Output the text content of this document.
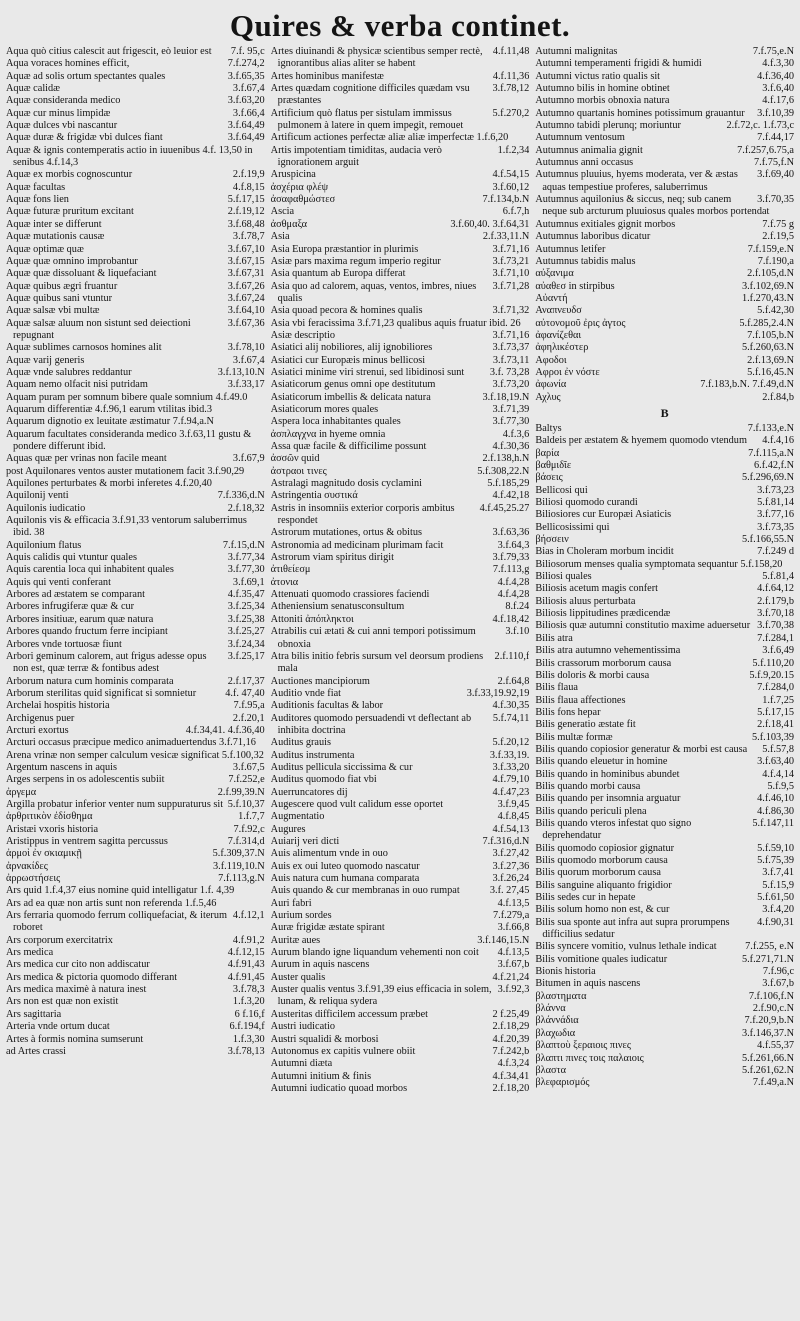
Quires & verba continet.

7.f. 95,c
Aqua quò citius calescit aut frigescit, eò leuior est

7.f.274,2
Aqua voraces homines efficit,

3.f.65,35
Aquæ ad solis ortum spectantes quales

3.f.67,4
Aquæ calidæ

3.f.63,20
Aquæ consideranda medico

3.f.66,4
Aquæ cur minus limpidæ

3.f.64,49
Aquæ dulces vbi nascantur

3.f.64,49
Aquæ duræ & frigidæ vbi dulces fiant

Aquæ & ignis contemperatis actio in iuuenibus 4.f. 13,50 in senibus 4.f.14,3

2.f.19,9
Aquæ ex morbis cognoscuntur

4.f.8,15
Aquæ facultas

5.f.17,15
Aquæ fons lien

2.f.19,12
Aquæ futuræ pruritum excitant

3.f.68,48
Aquæ inter se differunt

3.f.78,7
Aquæ mutationis causæ

3.f.67,10
Aquæ optimæ quæ

3.f.67,15
Aquæ quæ omnino improbantur

3.f.67,31
Aquæ quæ dissoluant & liquefaciant

3.f.67,26
Aquæ quibus ægri fruantur

3.f.67,24
Aquæ quibus sani vtuntur

3.f.64,10
Aquæ salsæ vbi multæ

3.f.67,36
Aquæ salsæ aluum non sistunt sed deiectioni repugnant

3.f.78,10
Aquæ sublimes carnosos homines alit

3.f.67,4
Aquæ varij generis

3.f.13,10.N
Aquæ vnde salubres reddantur

3.f.33,17
Aquam nemo olfacit nisi putridam

Aquam puram per somnum bibere quale somnium 4.f.49.0

Aquarum differentiæ 4.f.96,1 earum vtilitas ibid.3

Aquarum dignotio ex leuitate æstimatur 7.f.94,a.N

Aquarum facultates consideranda medico 3.f.63,11 gustu & pondere differunt ibid.

3.f.67,9
Aquas quæ per vrinas non facile meant

post Aquilonares ventos auster mutationem facit 3.f.90,29

Aquilones perturbates & morbi inferetes 4.f.20,40

7.f.336,d.N
Aquilonij venti

2.f.18,32
Aquilonis iudicatio

Aquilonis vis & efficacia 3.f.91,33 ventorum saluberrimus ibid. 38

7.f.15,d.N
Aquilonium flatus

3.f.77,34
Aquis calidis qui vtuntur quales

3.f.77,30
Aquis carentia loca qui inhabitent quales

3.f.69,1
Aquis qui venti conferant

4.f.35,47
Arbores ad æstatem se comparant

3.f.25,34
Arbores infrugiferæ quæ & cur

3.f.25,38
Arbores insitiuæ, earum quæ natura

3.f.25,27
Arbores quando fructum ferre incipiant

3.f.24,34
Arbores vnde tortuosæ fiunt

3.f.25,17
Arbori geminum calorem, aut frigus adesse opus non est, quæ terræ & fontibus adest

2.f.17,37
Arborum natura cum hominis comparata

4.f. 47,40
Arborum sterilitas quid significat si somnietur

7.f.95,a
Archelai hospitis historia

2.f.20,1
Archigenus puer

4.f.34,41. 4.f.36,40
Arcturi exortus

Arcturi occasus præcipue medico animaduertendus 3.f.71,16

Arena vrinæ non semper calculum vesicæ significat 5.f.100,32

3.f.67,5
Argentum nascens in aquis

7.f.252,e
Arges serpens in os adolescentis subiit

2.f.99,39.N
ἀργεμα

5.f.10,37
Argilla probatur inferior venter num suppuraturus sit

1.f.7,7
ἀρθριτικὸν ἐδίσθημα

7.f.92,c
Aristæi vxoris historia

7.f.314,d
Aristippus in ventrem sagitta percussus

5.f.309,37.N
ἀρμοὶ ἐν σκιαμικῇ

3.f.119,10.N
ἀρνακίδες

7.f.113,g.N
ἀρρωστήσεις

Ars quid 1.f.4,37 eius nomine quid intelligatur 1.f. 4,39

Ars ad ea quæ non artis sunt non referenda 1.f.5,46

4.f.12,1
Ars ferraria quomodo ferrum colliquefaciat, & iterum roboret

4.f.91,2
Ars corporum exercitatrix

4.f.12,15
Ars medica

4.f.91,43
Ars medica cur cito non addiscatur

4.f.91,45
Ars medica & pictoria quomodo differant

3.f.78,3
Ars medica maximè à natura inest

1.f.3,20
Ars non est quæ non existit

6 f.16,f
Ars sagittaria

6.f.194,f
Arteria vnde ortum ducat

1.f.3,30
Artes à formis nomina sumserunt

3.f.78,13
ad Artes crassi

4.f.11,48
Artes diuinandi & physicæ scientibus semper rectè, ignorantibus alias aliter se habent

4.f.11,36
Artes hominibus manifestæ

3.f.78,12
Artes quædam cognitione difficiles quædam vsu præstantes

5.f.270,2
Artificium quò flatus per sistulam immissus pulmonem à latere in quem impegit, remouet

Artificum actiones perfectæ aliæ aliæ imperfectæ 1.f.6,20

1.f.2,34
Artis impotentiam timiditas, audacia verò ignorationem arguit

4.f.54,15
Aruspicina

3.f.60,12
ἀσχέρια φλέψ

7.f.134,b.N
ἀσαφαθμώστεσ

6.f.7,h
Ascia

3.f.60,40. 3.f.64,31
ἀσθμαξα

2.f.33,11.N
Asia

3.f.71,16
Asia Europa præstantior in plurimis

3.f.73,21
Asiæ pars maxima regum imperio regitur

3.f.71,10
Asia quantum ab Europa differat

3.f.71,28
Asia quo ad calorem, aquas, ventos, imbres, niues qualis

3.f.71,32
Asia quoad pecora & homines qualis

Asia vbi feracissima 3.f.71,23 qualibus aquis fruatur ibid. 26

3.f.71,16
Asiæ descriptio

3.f.73,37
Asiatici alij nobiliores, alij ignobiliores

3.f.73,11
Asiatici cur Europæis minus bellicosi

3.f. 73,28
Asiatici minime viri strenui, sed libidinosi sunt

3.f.73,20
Asiaticorum genus omni ope destitutum

3.f.18,19.N
Asiaticorum imbellis & delicata natura

3.f.71,39
Asiaticorum mores quales

3.f.77,30
Aspera loca inhabitantes quales

4.f.3,6
ἀσπλαγχνα in hyeme omnia

4.f.30,36
Assa quæ facile & difficilime possunt

2.f.138,h.N
ἀσσῶν quid

5.f.308,22.N
ἀστραοι τινες

5.f.185,29
Astralagi magnitudo dosis cyclamini

4.f.42,18
Astringentia συστικά

4.f.45,25.27
Astris in insomniis exterior corporis ambitus respondet

3.f.63,36
Astrorum mutationes, ortus & obitus

3.f.64,3
Astronomia ad medicinam plurimam facit

3.f.79,33
Astrorum viam spiritus dirigit

7.f.113,g
ἀτιθείεσμ

4.f.4,28
ἀτονια

4.f.4,28
Attenuati quomodo crassiores faciendi

8.f.24
Atheniensium senatusconsultum

4.f.18,42
Attoniti ἀπόπληκτοι

3.f.10
Atrabilis cui ætati & cui anni tempori potissimum obnoxia

2.f.110,f
Atra bilis initio febris sursum vel deorsum prodiens mala

2.f.64,8
Auctiones mancipiorum

3.f.33,19.92,19
Auditio vnde fiat

4.f.30,35
Auditionis facultas & labor

5.f.74,11
Auditores quomodo persuadendi vt deflectant ab inhibita doctrina

5.f.20,12
Auditus grauis

3.f.33,19.
Auditus instrumenta

3.f.33,20
Auditus pellicula siccissima & cur

4.f.79,10
Auditus quomodo fiat vbi

4.f.47,23
Auerruncatores dij

3.f.9,45
Augescere quod vult calidum esse oportet

4.f.8,45
Augmentatio

4.f.54,13
Augures

7.f.316,d.N
Auiarij veri dicti

3.f.27,42
Auis alimentum vnde in ouo

3.f.27,36
Auis ex oui luteo quomodo nascatur

3.f.26,24
Auis natura cum humana comparata

3.f. 27,45
Auis quando & cur membranas in ouo rumpat

4.f.13,5
Auri fabri

7.f.279,a
Aurium sordes

3.f.66,8
Auræ frigidæ æstate spirant

3.f.146,15.N
Auritæ aues

4.f.13,5
Aurum blando igne liquandum vehementi non coit

3.f.67,b
Aurum in aquis nascens

4.f.21,24
Auster qualis

3.f.92,3
Auster qualis ventus 3.f.91,39 eius efficacia in solem, lunam, & reliqua sydera

2 f.25,49
Austeritas difficilem accessum præbet

2.f.18,29
Austri iudicatio

4.f.20,39
Austri squalidi & morbosi

7.f.242,b
Autonomus ex capitis vulnere obiit

4.f.3,24
Autumni diæta

4.f.34,41
Autumni initium & finis

2.f.18,20
Autumni iudicatio quoad morbos

7.f.75,e.N
Autumni malignitas

4.f.3,30
Autumni temperamenti frigidi & humidi

4.f.36,40
Autumni victus ratio qualis sit

3.f.6,40
Autumno bilis in homine obtinet

4.f.17,6
Autumno morbis obnoxia natura

3.f.10,39
Autumno quartanis homines potissimum grauantur

2.f.72,c. 1.f.73,c
Autumno tabidi plerunq; moriuntur

7.f.44,17
Autumnum ventosum

7.f.257,6.75,a
Autumnus animalia gignit

7.f.75,f.N
Autumnus anni occasus

3.f.69,40
Autumnus pluuius, hyems moderata, ver & æstas aquas tempestiue proferes, saluberrimus

3.f.70,35
Autumnus aquilonius & siccus, neq; sub canem neque sub arcturum pluuiosus quales morbos portendat

7.f.75 g
Autumnus exitiales gignit morbos

2.f.19,5
Autumnus laboribus dicatur

7.f.159,e.N
Autumnus letifer

7.f.190,a
Autumnus tabidis malus

2.f.105,d.N
αὐξανιμα

3.f.102,69.N
αὐαθεσ in stirpibus

1.f.270,43.N
Αὐαντή

5.f.42,30
Αναπνευδσ

5.f.285,2.4.N
αὐτονομοῦ ἐρις ἀγτος

7.f.105,b.N
ἀφανίζεθαι

5.f.260,63.N
ἀφηλικέστερ

2.f.13,69.N
Αφοδοι

5.f.16,45.N
Αφροι ἐν νόστε

7.f.183,b.N. 7.f.49,d.N
ἀφωνία

2.f.84,b
Αχλυς

B

7.f.133,e.N
Baltys

4.f.4,16
Baldeis per æstatem & hyemem quomodo vtendum

7.f.115,a.N
βαρία

6.f.42,f.N
βαθμιδῖε

5.f.296,69.N
βάσεις

3.f.73,23
Bellicosi qui

5.f.81,14
Biliosi quomodo curandi

3.f.77,16
Biliosiores cur Europæi Asiaticis

3.f.73,35
Bellicosissimi qui

5.f.166,55.N
βήσσειν

7.f.249 d
Bias in Choleram morbum incidit

Biliosorum menses qualia symptomata sequantur 5.f.158,20

5.f.81,4
Biliosi quales

4.f.64,12
Biliosis acetum magis confert

2.f.179,b
Biliosis aluus perturbata

3.f.70,18
Biliosis lippitudines prædicendæ

3.f.70,38
Biliosis quæ autumni constitutio maxime aduersetur

7.f.284,1
Bilis atra

3.f.6,49
Bilis atra autumno vehementissima

5.f.110,20
Bilis crassorum morborum causa

5.f.9,20.15
Bilis doloris & morbi causa

7.f.284,0
Bilis flaua

1.f.7,25
Bilis flaua affectiones

5.f.17,15
Bilis fons hepar

2.f.18,41
Bilis generatio æstate fit

5.f.103,39
Bilis multæ formæ

5.f.57,8
Bilis quando copiosior generatur & morbi est causa

3.f.63,40
Bilis quando eleuetur in homine

4.f.4,14
Bilis quando in hominibus abundet

5.f.9,5
Bilis quando morbi causa

4.f.46,10
Bilis quando per insomnia arguatur

4.f.86,30
Bilis quando periculi plena

5.f.147,11
Bilis quando vteros infestat quo signo deprehendatur

5.f.59,10
Bilis quomodo copiosior gignatur

5.f.75,39
Bilis quomodo morborum causa

3.f.7,41
Bilis quorum morborum causa

5.f.15,9
Bilis sanguine aliquanto frigidior

5.f.61,50
Bilis sedes cur in hepate

3.f.4,20
Bilis solum homo non est, & cur

4.f.90,31
Bilis sua sponte aut infra aut supra prorumpens difficilius sedatur

7.f.255, e.N
Bilis syncere vomitio, vulnus lethale indicat

5.f.271,71.N
Bilis vomitione quales iudicatur

7.f.96,c
Bionis historia

3.f.67,b
Bitumen in aquis nascens

7.f.106,f.N
βλαστηματα

2.f.90,c.N
βλάννα

7.f.20,9,b.N
βλάννάδια

3.f.146,37.N
βλαχωδια

4.f.55,37
βλαπτοὺ ξεραιοις πινες

5.f.261,66.N
βλαπτι πινες τοις παλαιοις

5.f.261,62.N
βλαστα

7.f.49,a.N
βλεφαρισμός
